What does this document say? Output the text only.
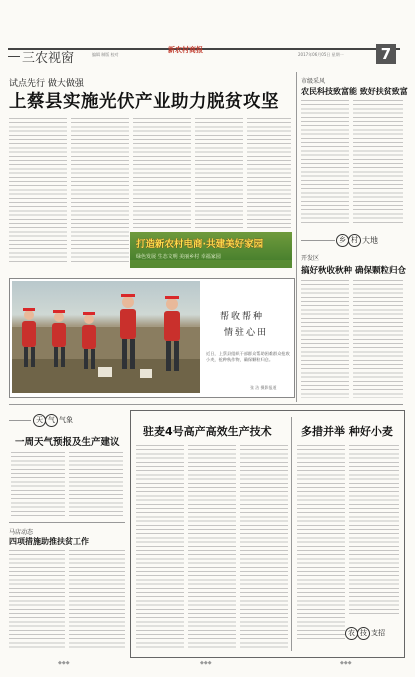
三农视窗	编辑 制版 校对
新农村商报
2017年06月05日 星期一	7
试点先行 做大做强
上蔡县实施光伏产业助力脱贫攻坚
打造新农村电商·共建美好家园
绿色发展 生态文明 美丽乡村 幸福家园
市级采风
农民科技致富能 致好扶贫致富
乡 村 大地
开发区
搞好秋收秋种 确保颗粒归仓
帮收帮种
情驻心田
近日，上蔡县组织干部群众帮助困难群众抢收小麦，抢种秋作物，确保颗粒归仓。
张 洁 摄影报道
天 气 气象
一周天气预报及生产建议
马店动态
四项措施助推扶贫工作
驻麦4号高产高效生产技术	多措并举 种好小麦
农 技 支招
◆◆◆	◆◆◆	◆◆◆
